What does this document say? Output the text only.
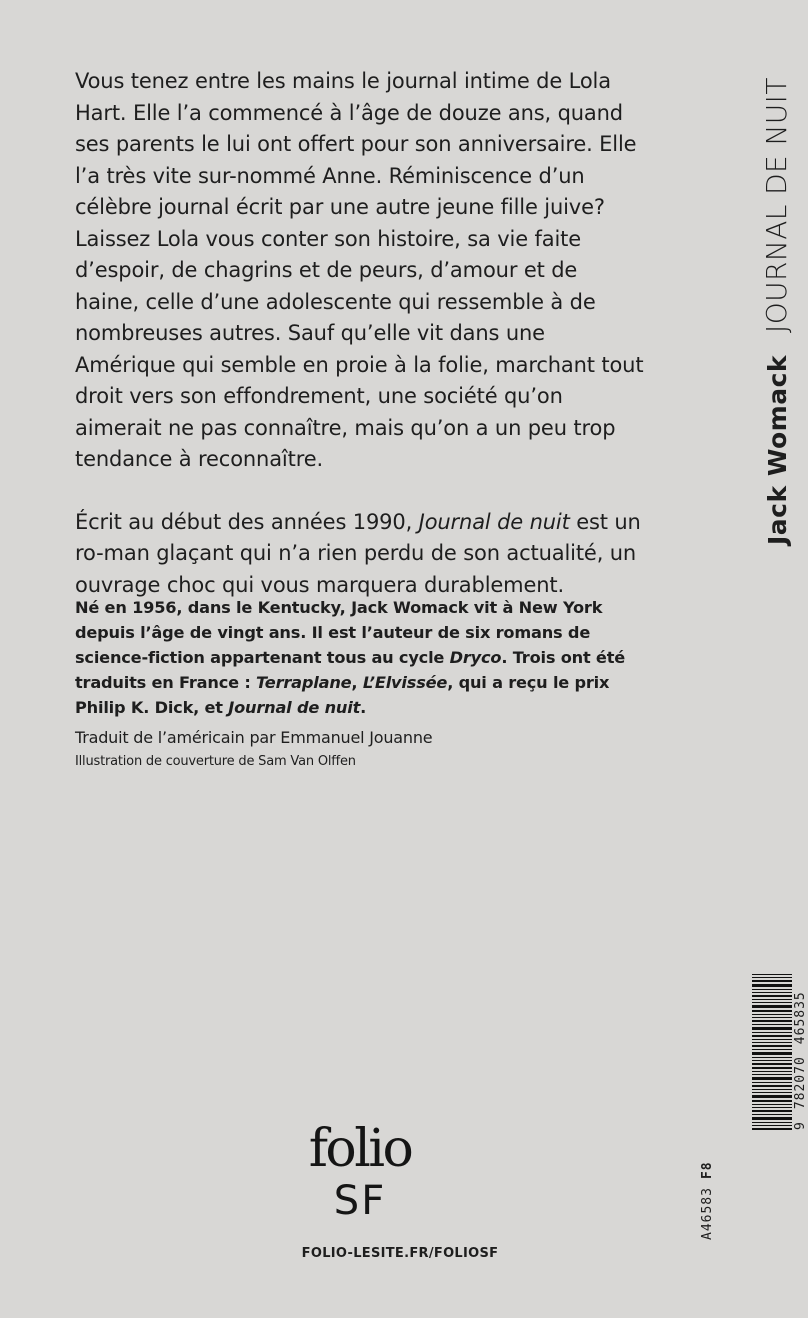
Vous tenez entre les mains le journal intime de Lola Hart. Elle l’a commencé à l’âge de douze ans, quand ses parents le lui ont offert pour son anniversaire. Elle l’a très vite sur-nommé Anne. Réminiscence d’un célèbre journal écrit par une autre jeune fille juive?

Laissez Lola vous conter son histoire, sa vie faite d’espoir, de chagrins et de peurs, d’amour et de haine, celle d’une adolescente qui ressemble à de nombreuses autres. Sauf qu’elle vit dans une Amérique qui semble en proie à la folie, marchant tout droit vers son effondrement, une société qu’on aimerait ne pas connaître, mais qu’on a un peu trop tendance à reconnaître.

Écrit au début des années 1990, Journal de nuit est un ro-man glaçant qui n’a rien perdu de son actualité, un ouvrage choc qui vous marquera durablement.

Né en 1956, dans le Kentucky, Jack Womack vit à New York depuis l’âge de vingt ans. Il est l’auteur de six romans de science-fiction appartenant tous au cycle Dryco. Trois ont été traduits en France : Terraplane, L’Elvissée, qui a reçu le prix Philip K. Dick, et Journal de nuit.
Traduit de l’américain par Emmanuel Jouanne
Illustration de couverture de Sam Van Olffen
Jack Womack
JOURNAL DE NUIT
folio
SF
FOLIO-LESITE.FR/FOLIOSF
A46583
F8
9
782070
465835
